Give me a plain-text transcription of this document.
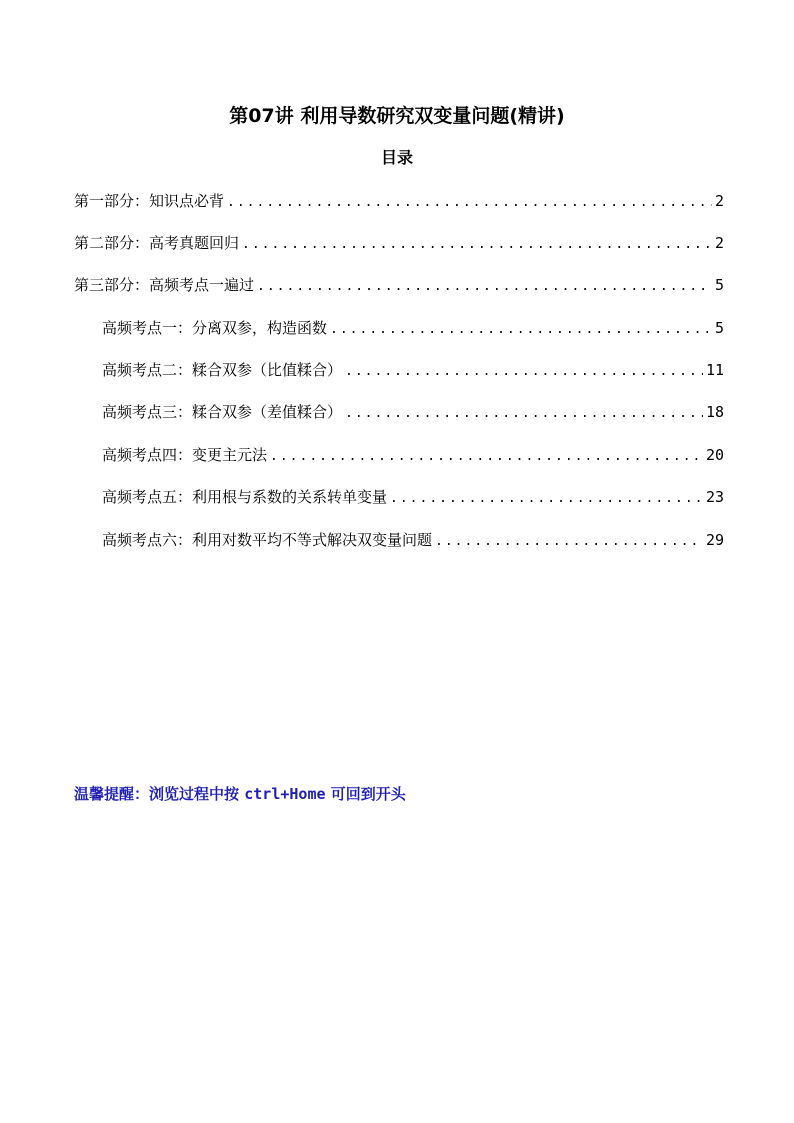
第07讲 利用导数研究双变量问题(精讲)
目录
第一部分：知识点必背 .....	2
第二部分：高考真题回归 .....	2
第三部分：高频考点一遍过 .....	5
高频考点一：分离双参，构造函数 .....	5
高频考点二：糅合双参（比值糅合） .....	11
高频考点三：糅合双参（差值糅合） .....	18
高频考点四：变更主元法 .....	20
高频考点五：利用根与系数的关系转单变量 .....	23
高频考点六：利用对数平均不等式解决双变量问题 .....	29
温馨提醒：浏览过程中按 ctrl+Home 可回到开头
